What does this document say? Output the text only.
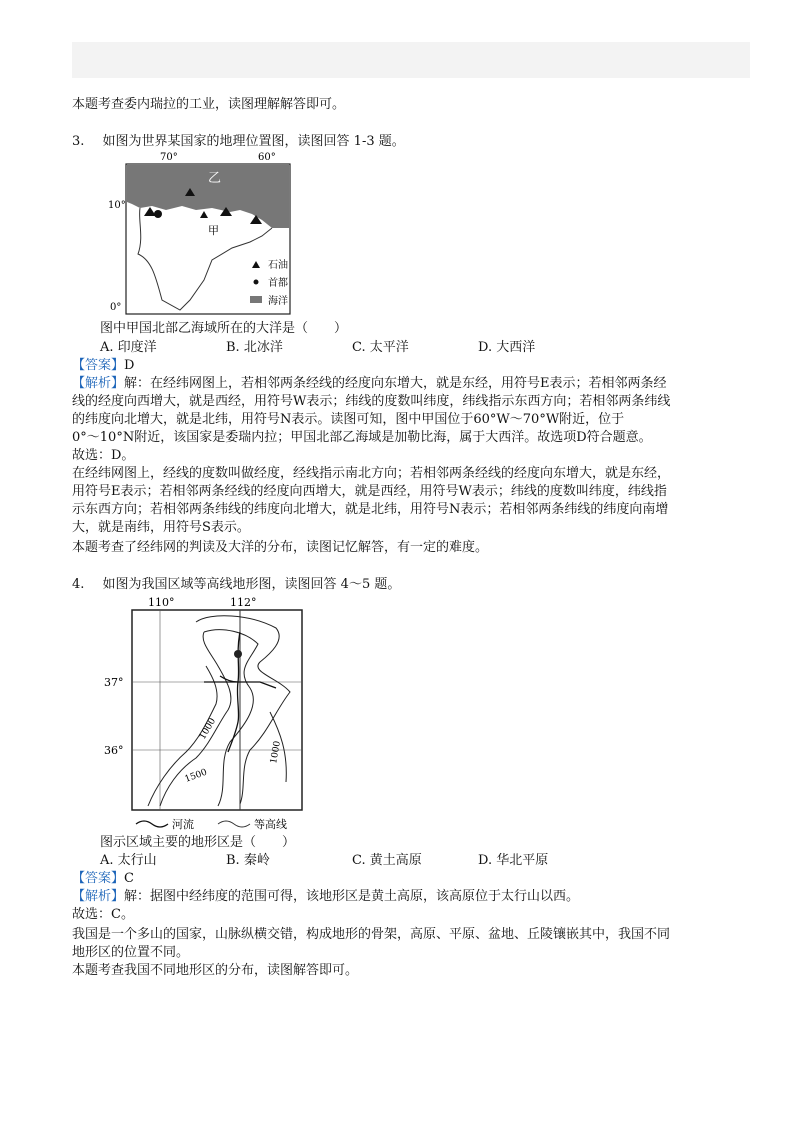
本题考查委内瑞拉的工业，读图理解解答即可。
3. 如图为世界某国家的地理位置图，读图回答 1-3 题。
70°	60°
10°
0°
乙
甲
石油
首都
海洋
图中甲国北部乙海域所在的大洋是（　　）
A. 印度洋	B. 北冰洋	C. 太平洋	D. 大西洋
【答案】D
【解析】解：在经纬网图上，若相邻两条经线的经度向东增大，就是东经，用符号E表示；若相邻两条经
线的经度向西增大，就是西经，用符号W表示；纬线的度数叫纬度，纬线指示东西方向；若相邻两条纬线
的纬度向北增大，就是北纬，用符号N表示。读图可知，图中甲国位于60°W～70°W附近，位于
0°～10°N附近，该国家是委瑞内拉；甲国北部乙海域是加勒比海，属于大西洋。故选项D符合题意。
故选：D。
在经纬网图上，经线的度数叫做经度，经线指示南北方向；若相邻两条经线的经度向东增大，就是东经，
用符号E表示；若相邻两条经线的经度向西增大，就是西经，用符号W表示；纬线的度数叫纬度，纬线指
示东西方向；若相邻两条纬线的纬度向北增大，就是北纬，用符号N表示；若相邻两条纬线的纬度向南增
大，就是南纬，用符号S表示。
本题考查了经纬网的判读及大洋的分布，读图记忆解答，有一定的难度。
4. 如图为我国区域等高线地形图，读图回答 4～5 题。
110°	112°
37°
36°
1000
1500
1000
河流	等高线
图示区域主要的地形区是（　　）
A. 太行山	B. 秦岭	C. 黄土高原	D. 华北平原
【答案】C
【解析】解：据图中经纬度的范围可得，该地形区是黄土高原，该高原位于太行山以西。
故选：C。
我国是一个多山的国家，山脉纵横交错，构成地形的骨架，高原、平原、盆地、丘陵镶嵌其中，我国不同
地形区的位置不同。
本题考查我国不同地形区的分布，读图解答即可。
